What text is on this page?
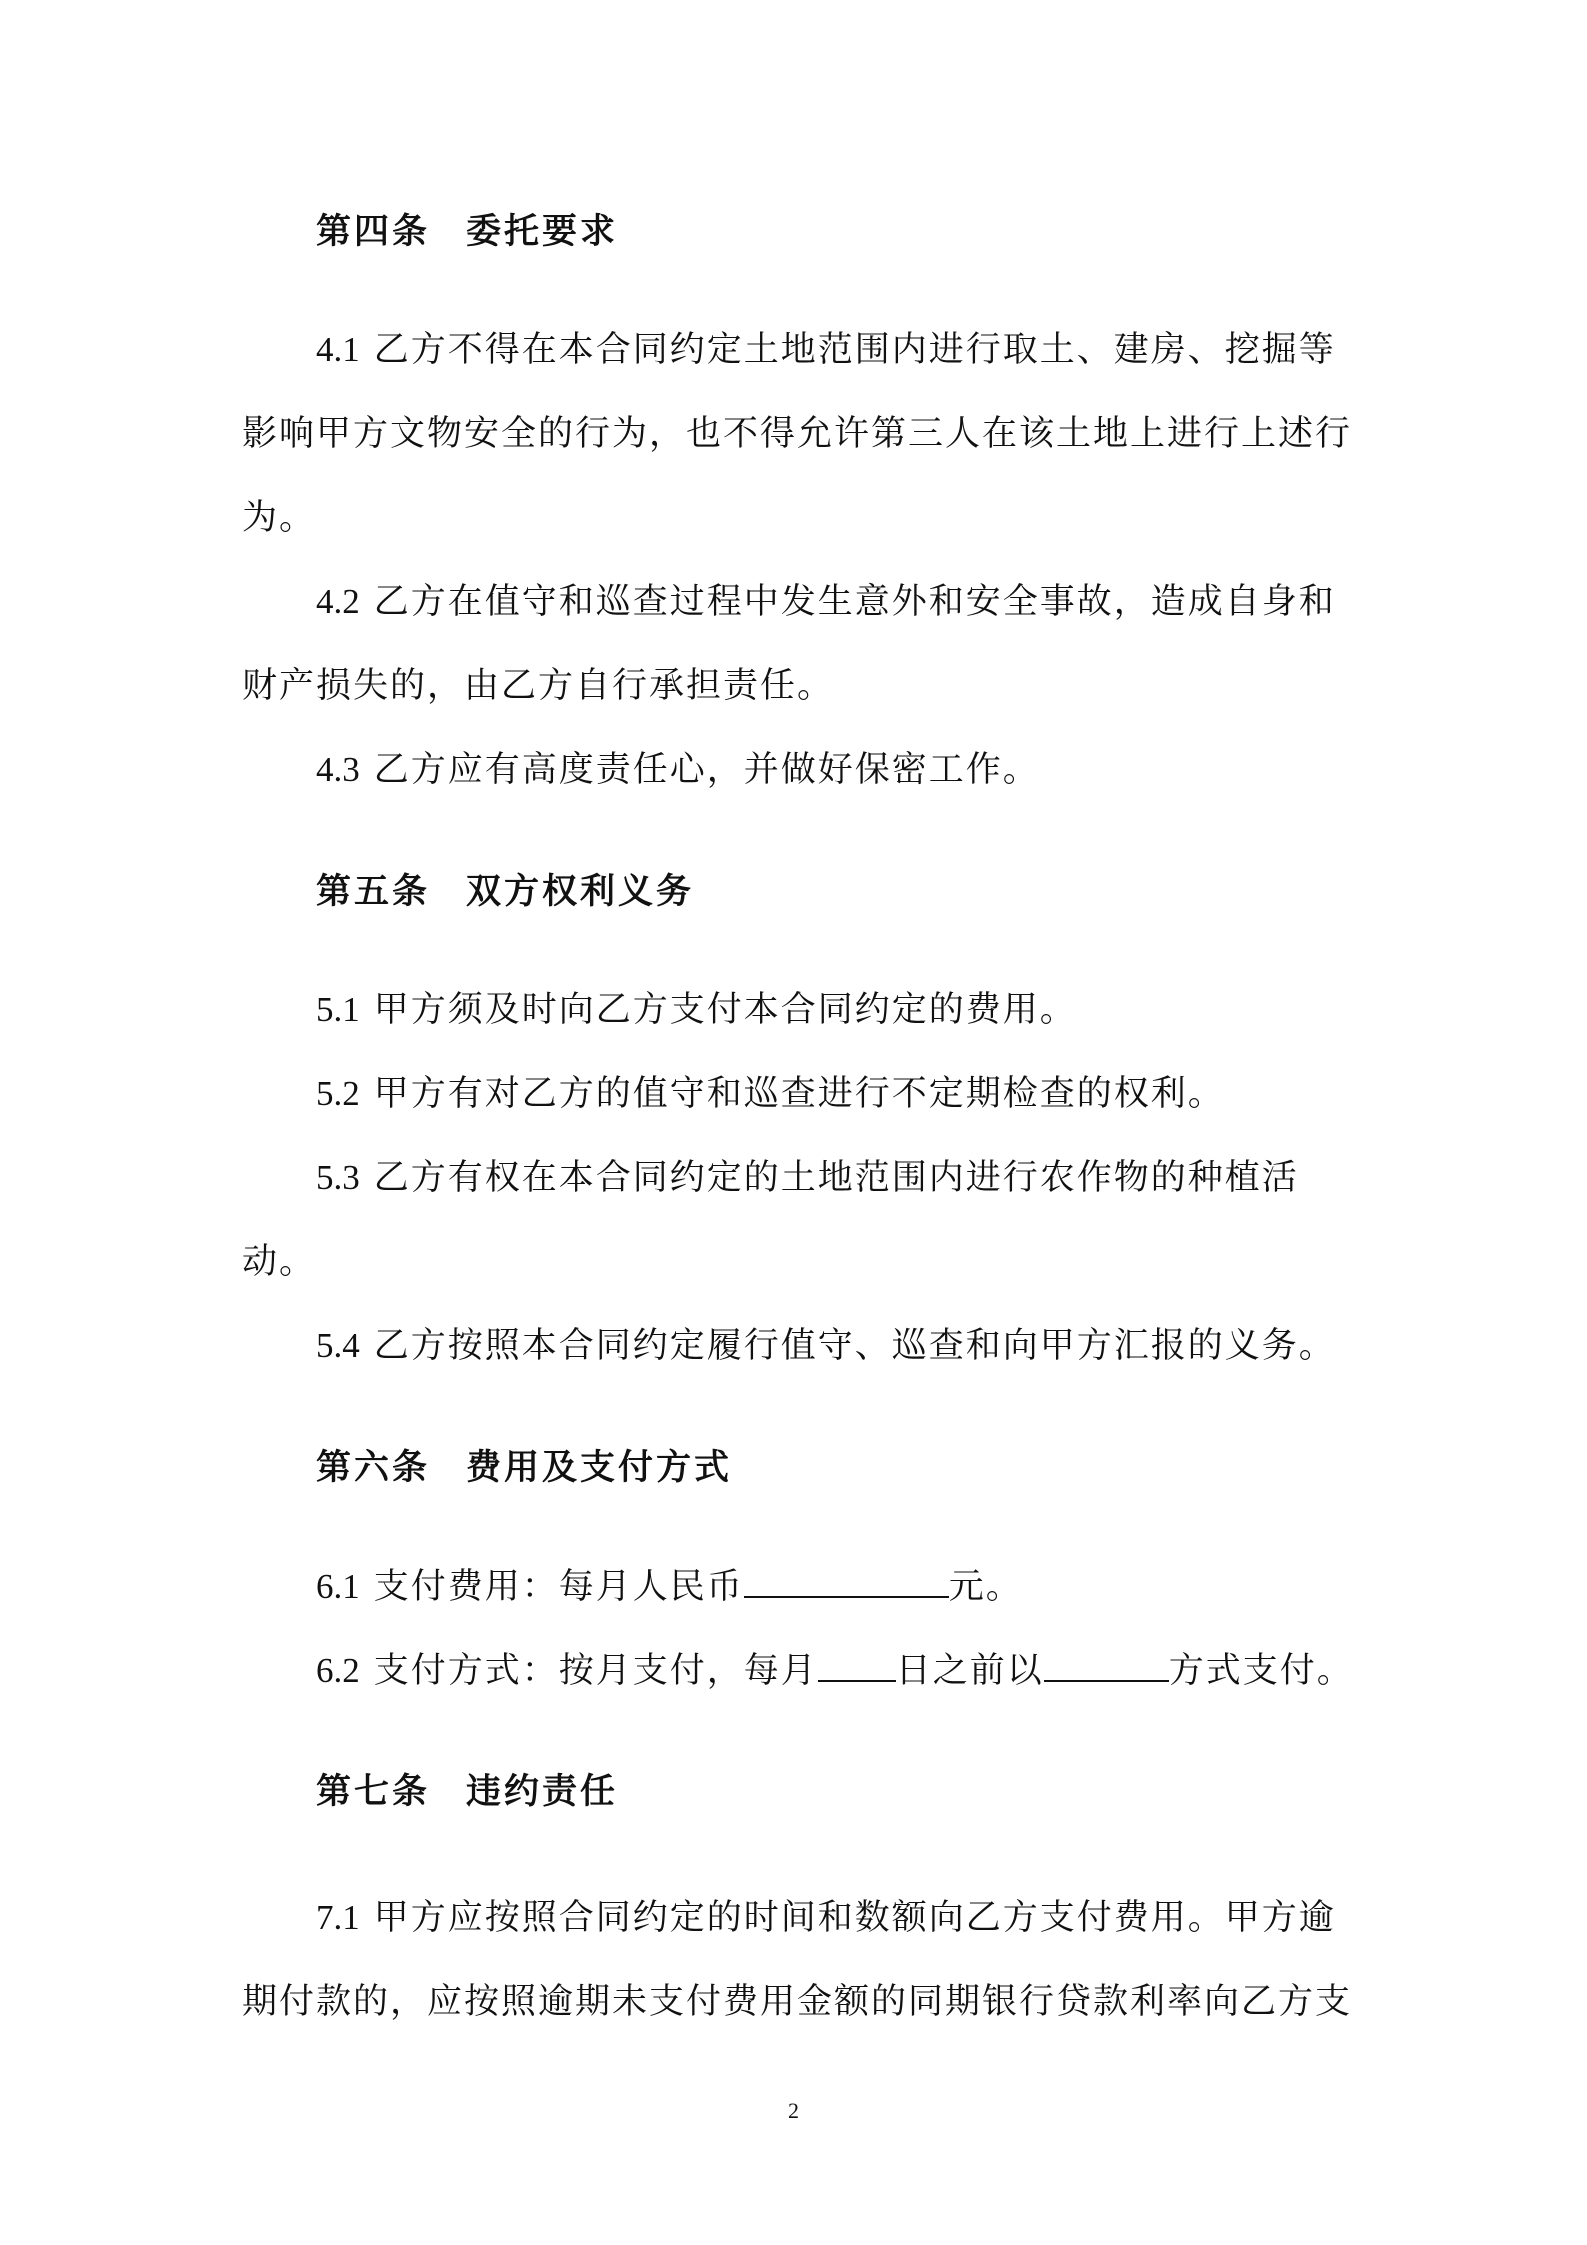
第四条 委托要求
4.1 乙方不得在本合同约定土地范围内进行取土、建房、挖掘等
影响甲方文物安全的行为，也不得允许第三人在该土地上进行上述行
为。
4.2 乙方在值守和巡查过程中发生意外和安全事故，造成自身和
财产损失的，由乙方自行承担责任。
4.3 乙方应有高度责任心，并做好保密工作。
第五条 双方权利义务
5.1 甲方须及时向乙方支付本合同约定的费用。
5.2 甲方有对乙方的值守和巡查进行不定期检查的权利。
5.3 乙方有权在本合同约定的土地范围内进行农作物的种植活
动。
5.4 乙方按照本合同约定履行值守、巡查和向甲方汇报的义务。
第六条 费用及支付方式
6.1 支付费用：每月人民币	元。
6.2 支付方式：按月支付，每月 日之前以	方式支付。
第七条 违约责任
7.1 甲方应按照合同约定的时间和数额向乙方支付费用。甲方逾
期付款的，应按照逾期未支付费用金额的同期银行贷款利率向乙方支
2
